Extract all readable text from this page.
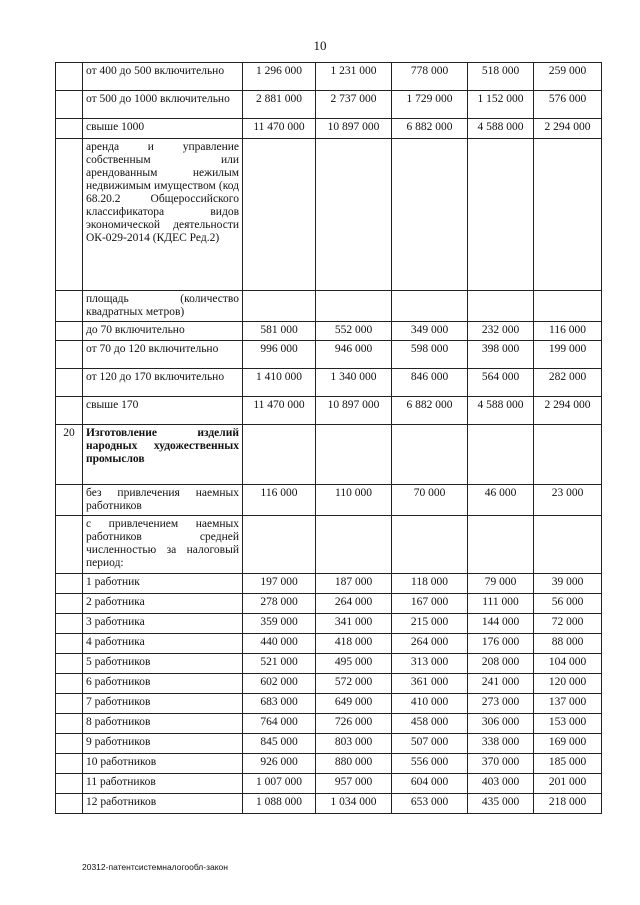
10
	от 400 до 500 включительно	1 296 000	1 231 000	778 000	518 000	259 000
	от 500 до 1000 включительно	2 881 000	2 737 000	1 729 000	1 152 000	576 000
	свыше 1000	11 470 000	10 897 000	6 882 000	4 588 000	2 294 000
	аренда и управление собственным или арендованным нежилым недвижимым имуществом (код 68.20.2 Общероссийского классификатора видов экономической деятельности ОК-029-2014 (КДЕС Ред.2)					
	площадь (количество квадратных метров)					
	до 70 включительно	581 000	552 000	349 000	232 000	116 000
	от 70 до 120 включительно	996 000	946 000	598 000	398 000	199 000
	от 120 до 170 включительно	1 410 000	1 340 000	846 000	564 000	282 000
	свыше 170	11 470 000	10 897 000	6 882 000	4 588 000	2 294 000
20	Изготовление изделий народных художественных промыслов					
	без привлечения наемных работников	116 000	110 000	70 000	46 000	23 000
	с привлечением наемных работников средней численностью за налоговый период:					
	1 работник	197 000	187 000	118 000	79 000	39 000
	2 работника	278 000	264 000	167 000	111 000	56 000
	3 работника	359 000	341 000	215 000	144 000	72 000
	4 работника	440 000	418 000	264 000	176 000	88 000
	5 работников	521 000	495 000	313 000	208 000	104 000
	6 работников	602 000	572 000	361 000	241 000	120 000
	7 работников	683 000	649 000	410 000	273 000	137 000
	8 работников	764 000	726 000	458 000	306 000	153 000
	9 работников	845 000	803 000	507 000	338 000	169 000
	10 работников	926 000	880 000	556 000	370 000	185 000
	11 работников	1 007 000	957 000	604 000	403 000	201 000
	12 работников	1 088 000	1 034 000	653 000	435 000	218 000
20312-патентсистемналогообл-закон
